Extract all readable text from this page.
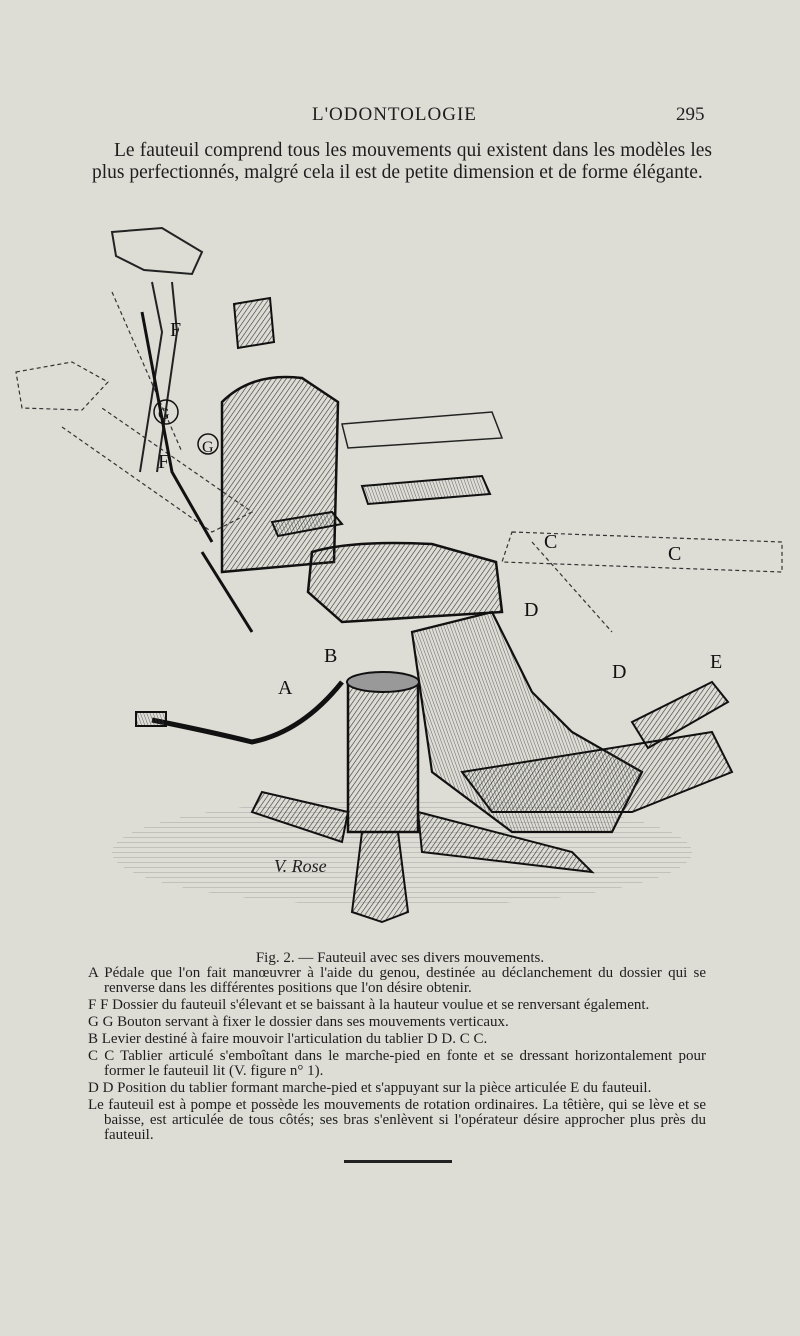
L'ODONTOLOGIE	295

Le fauteuil comprend tous les mouvements qui existent dans les modèles les plus perfectionnés, malgré cela il est de petite dimension et de forme élégante.

F
F
G
G
C
C
D
D	E
B
A
V. Rose
Fig. 2. — Fauteuil avec ses divers mouvements.

A Pédale que l'on fait manœuvrer à l'aide du genou, destinée au déclanchement du dossier qui se renverse dans les différentes positions que l'on désire obtenir.

F F Dossier du fauteuil s'élevant et se baissant à la hauteur voulue et se renversant également.

G G Bouton servant à fixer le dossier dans ses mouvements verticaux.

B Levier destiné à faire mouvoir l'articulation du tablier D D. C C.

C C Tablier articulé s'emboîtant dans le marche-pied en fonte et se dressant horizontalement pour former le fauteuil lit (V. figure n° 1).

D D Position du tablier formant marche-pied et s'appuyant sur la pièce articulée E du fauteuil.

Le fauteuil est à pompe et possède les mouvements de rotation ordinaires. La têtière, qui se lève et se baisse, est articulée de tous côtés; ses bras s'enlèvent si l'opérateur désire approcher plus près du fauteuil.
